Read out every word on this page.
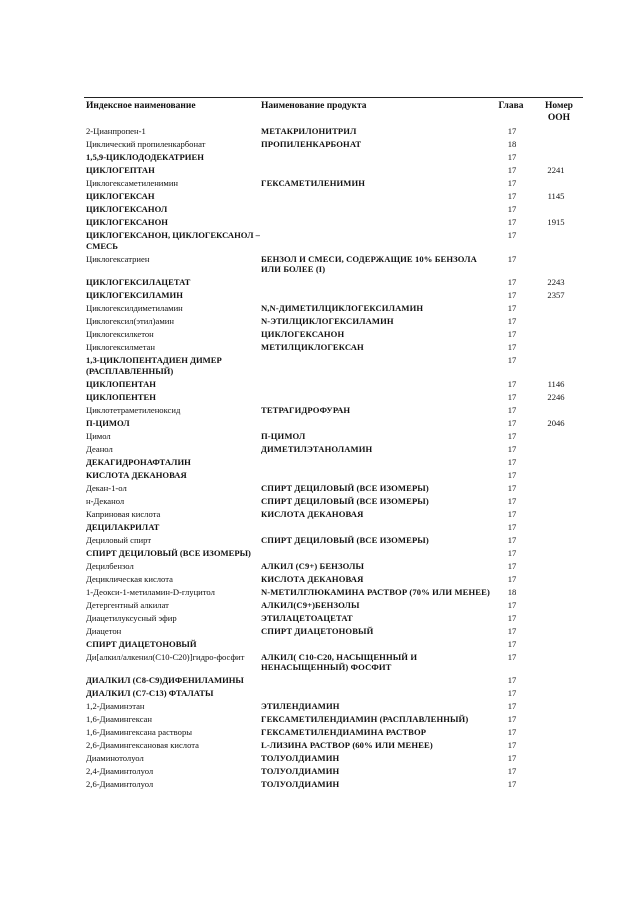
Индексное наименование	Наименование продукта	Глава	Номер
ООН
2-Цианпропен-1	МЕТАКРИЛОНИТРИЛ	17	
Циклический пропиленкарбонат	ПРОПИЛЕНКАРБОНАТ	18	
1,5,9-ЦИКЛОДОДЕКАТРИЕН		17	
ЦИКЛОГЕПТАН		17	2241
Циклогексаметиленимин	ГЕКСАМЕТИЛЕНИМИН	17	
ЦИКЛОГЕКСАН		17	1145
ЦИКЛОГЕКСАНОЛ		17	
ЦИКЛОГЕКСАНОН		17	1915
ЦИКЛОГЕКСАНОН, ЦИКЛОГЕКСАНОЛ – СМЕСЬ		17	
Циклогексатриен	БЕНЗОЛ И СМЕСИ, СОДЕРЖАЩИЕ 10% БЕНЗОЛА ИЛИ БОЛЕЕ (I)	17	
ЦИКЛОГЕКСИЛАЦЕТАТ		17	2243
ЦИКЛОГЕКСИЛАМИН		17	2357
Циклогексилдиметиламин	N,N-ДИМЕТИЛЦИКЛОГЕКСИЛАМИН	17	
Циклогексил(этил)амин	N-ЭТИЛЦИКЛОГЕКСИЛАМИН	17	
Циклогексилкетон	ЦИКЛОГЕКСАНОН	17	
Циклогексилметан	МЕТИЛЦИКЛОГЕКСАН	17	
1,3-ЦИКЛОПЕНТАДИЕН ДИМЕР (РАСПЛАВЛЕННЫЙ)		17	
ЦИКЛОПЕНТАН		17	1146
ЦИКЛОПЕНТЕН		17	2246
Циклотетраметиленоксид	ТЕТРАГИДРОФУРАН	17	
П-ЦИМОЛ		17	2046
Цимол	П-ЦИМОЛ	17	
Деанол	ДИМЕТИЛЭТАНОЛАМИН	17	
ДЕКАГИДРОНАФТАЛИН		17	
КИСЛОТА ДЕКАНОВАЯ		17	
Декан-1-ол	СПИРТ ДЕЦИЛОВЫЙ (ВСЕ ИЗОМЕРЫ)	17	
н-Деканол	СПИРТ ДЕЦИЛОВЫЙ (ВСЕ ИЗОМЕРЫ)	17	
Каприновая кислота	КИСЛОТА ДЕКАНОВАЯ	17	
ДЕЦИЛАКРИЛАТ		17	
Дециловый спирт	СПИРТ ДЕЦИЛОВЫЙ (ВСЕ ИЗОМЕРЫ)	17	
СПИРТ ДЕЦИЛОВЫЙ (ВСЕ ИЗОМЕРЫ)		17	
Децилбензол	АЛКИЛ (С9+) БЕНЗОЛЫ	17	
Дециклическая кислота	КИСЛОТА ДЕКАНОВАЯ	17	
1-Деокси-1-метиламин-D-глуцитол	N-МЕТИЛГЛЮКАМИНА РАСТВОР (70% ИЛИ МЕНЕЕ)	18	
Детергентный алкилат	АЛКИЛ(С9+)БЕНЗОЛЫ	17	
Диацетилуксусный эфир	ЭТИЛАЦЕТОАЦЕТАТ	17	
Диацетон	СПИРТ ДИАЦЕТОНОВЫЙ	17	
СПИРТ ДИАЦЕТОНОВЫЙ		17	
Ди[алкил/алкенил(С10-С20)]гидро-фосфит	АЛКИЛ( С10-С20, НАСЫЩЕННЫЙ И НЕНАСЫЩЕННЫЙ) ФОСФИТ	17	
ДИАЛКИЛ (С8-С9)ДИФЕНИЛАМИНЫ		17	
ДИАЛКИЛ (С7-С13) ФТАЛАТЫ		17	
1,2-Диаминэтан	ЭТИЛЕНДИАМИН	17	
1,6-Диамингексан	ГЕКСАМЕТИЛЕНДИАМИН (РАСПЛАВЛЕННЫЙ)	17	
1,6-Диамингексана растворы	ГЕКСАМЕТИЛЕНДИАМИНА РАСТВОР	17	
2,6-Диамингексановая кислота	L-ЛИЗИНА РАСТВОР (60% ИЛИ МЕНЕЕ)	17	
Диаминотолуол	ТОЛУОЛДИАМИН	17	
2,4-Диаминтолуол	ТОЛУОЛДИАМИН	17	
2,6-Диаминтолуол	ТОЛУОЛДИАМИН	17	
